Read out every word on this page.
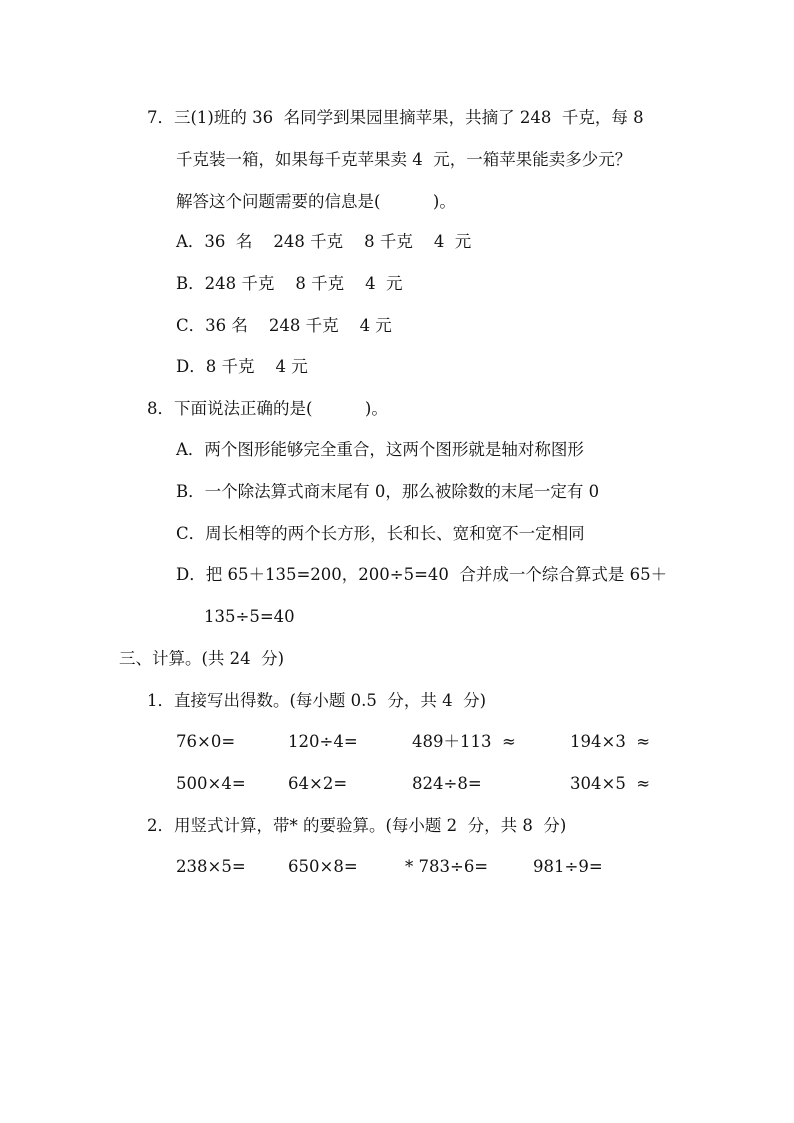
7．三(1)班的 36  名同学到果园里摘苹果，共摘了 248  千克，每 8
千克装一箱，如果每千克苹果卖 4  元，一箱苹果能卖多少元？
解答这个问题需要的信息是(          )。
A．36  名    248 千克    8 千克    4  元
B．248 千克    8 千克    4  元
C．36 名    248 千克    4 元
D．8 千克    4 元
8．下面说法正确的是(          )。
A．两个图形能够完全重合，这两个图形就是轴对称图形
B．一个除法算式商末尾有 0，那么被除数的末尾一定有 0
C．周长相等的两个长方形，长和长、宽和宽不一定相同
D．把 65＋135=200，200÷5=40  合并成一个综合算式是 65＋
135÷5=40
三、计算。(共 24  分)
1．直接写出得数。(每小题 0.5  分，共 4  分)
76×0=	120÷4=	489＋113  ≈	194×3  ≈
500×4=	64×2=	824÷8=	304×5  ≈
2．用竖式计算，带* 的要验算。(每小题 2  分，共 8  分)
238×5=	650×8=	* 783÷6=	981÷9=
